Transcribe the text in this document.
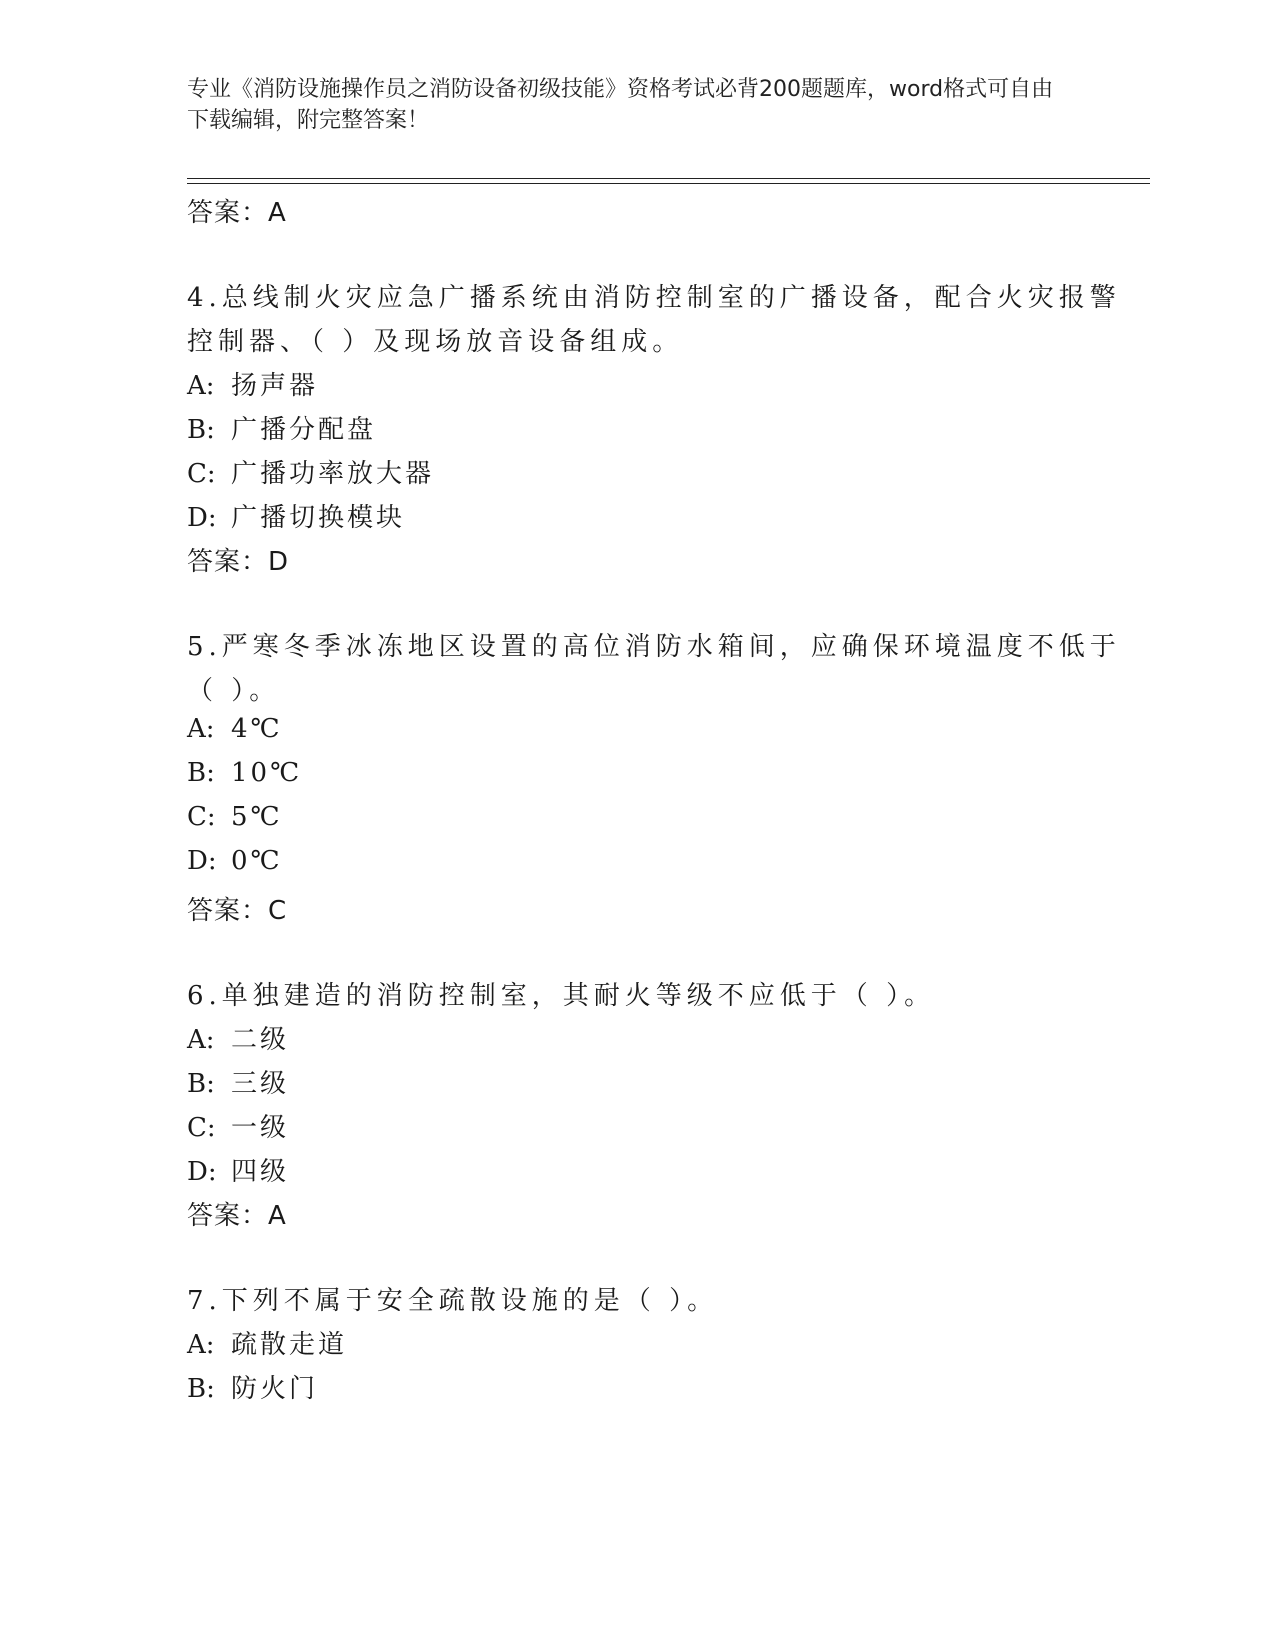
专业《消防设施操作员之消防设备初级技能》资格考试必背200题题库，word格式可自由下载编辑，附完整答案！
答案：A
4.总线制火灾应急广播系统由消防控制室的广播设备，配合火灾报警
控制器、（ ）及现场放音设备组成。
A: 扬声器
B: 广播分配盘
C: 广播功率放大器
D: 广播切换模块
答案：D
5.严寒冬季冰冻地区设置的高位消防水箱间，应确保环境温度不低于
（ ）。
A: 4℃
B: 10℃
C: 5℃
D: 0℃
答案：C
6.单独建造的消防控制室，其耐火等级不应低于（ ）。
A: 二级
B: 三级
C: 一级
D: 四级
答案：A
7.下列不属于安全疏散设施的是（ ）。
A: 疏散走道
B: 防火门
